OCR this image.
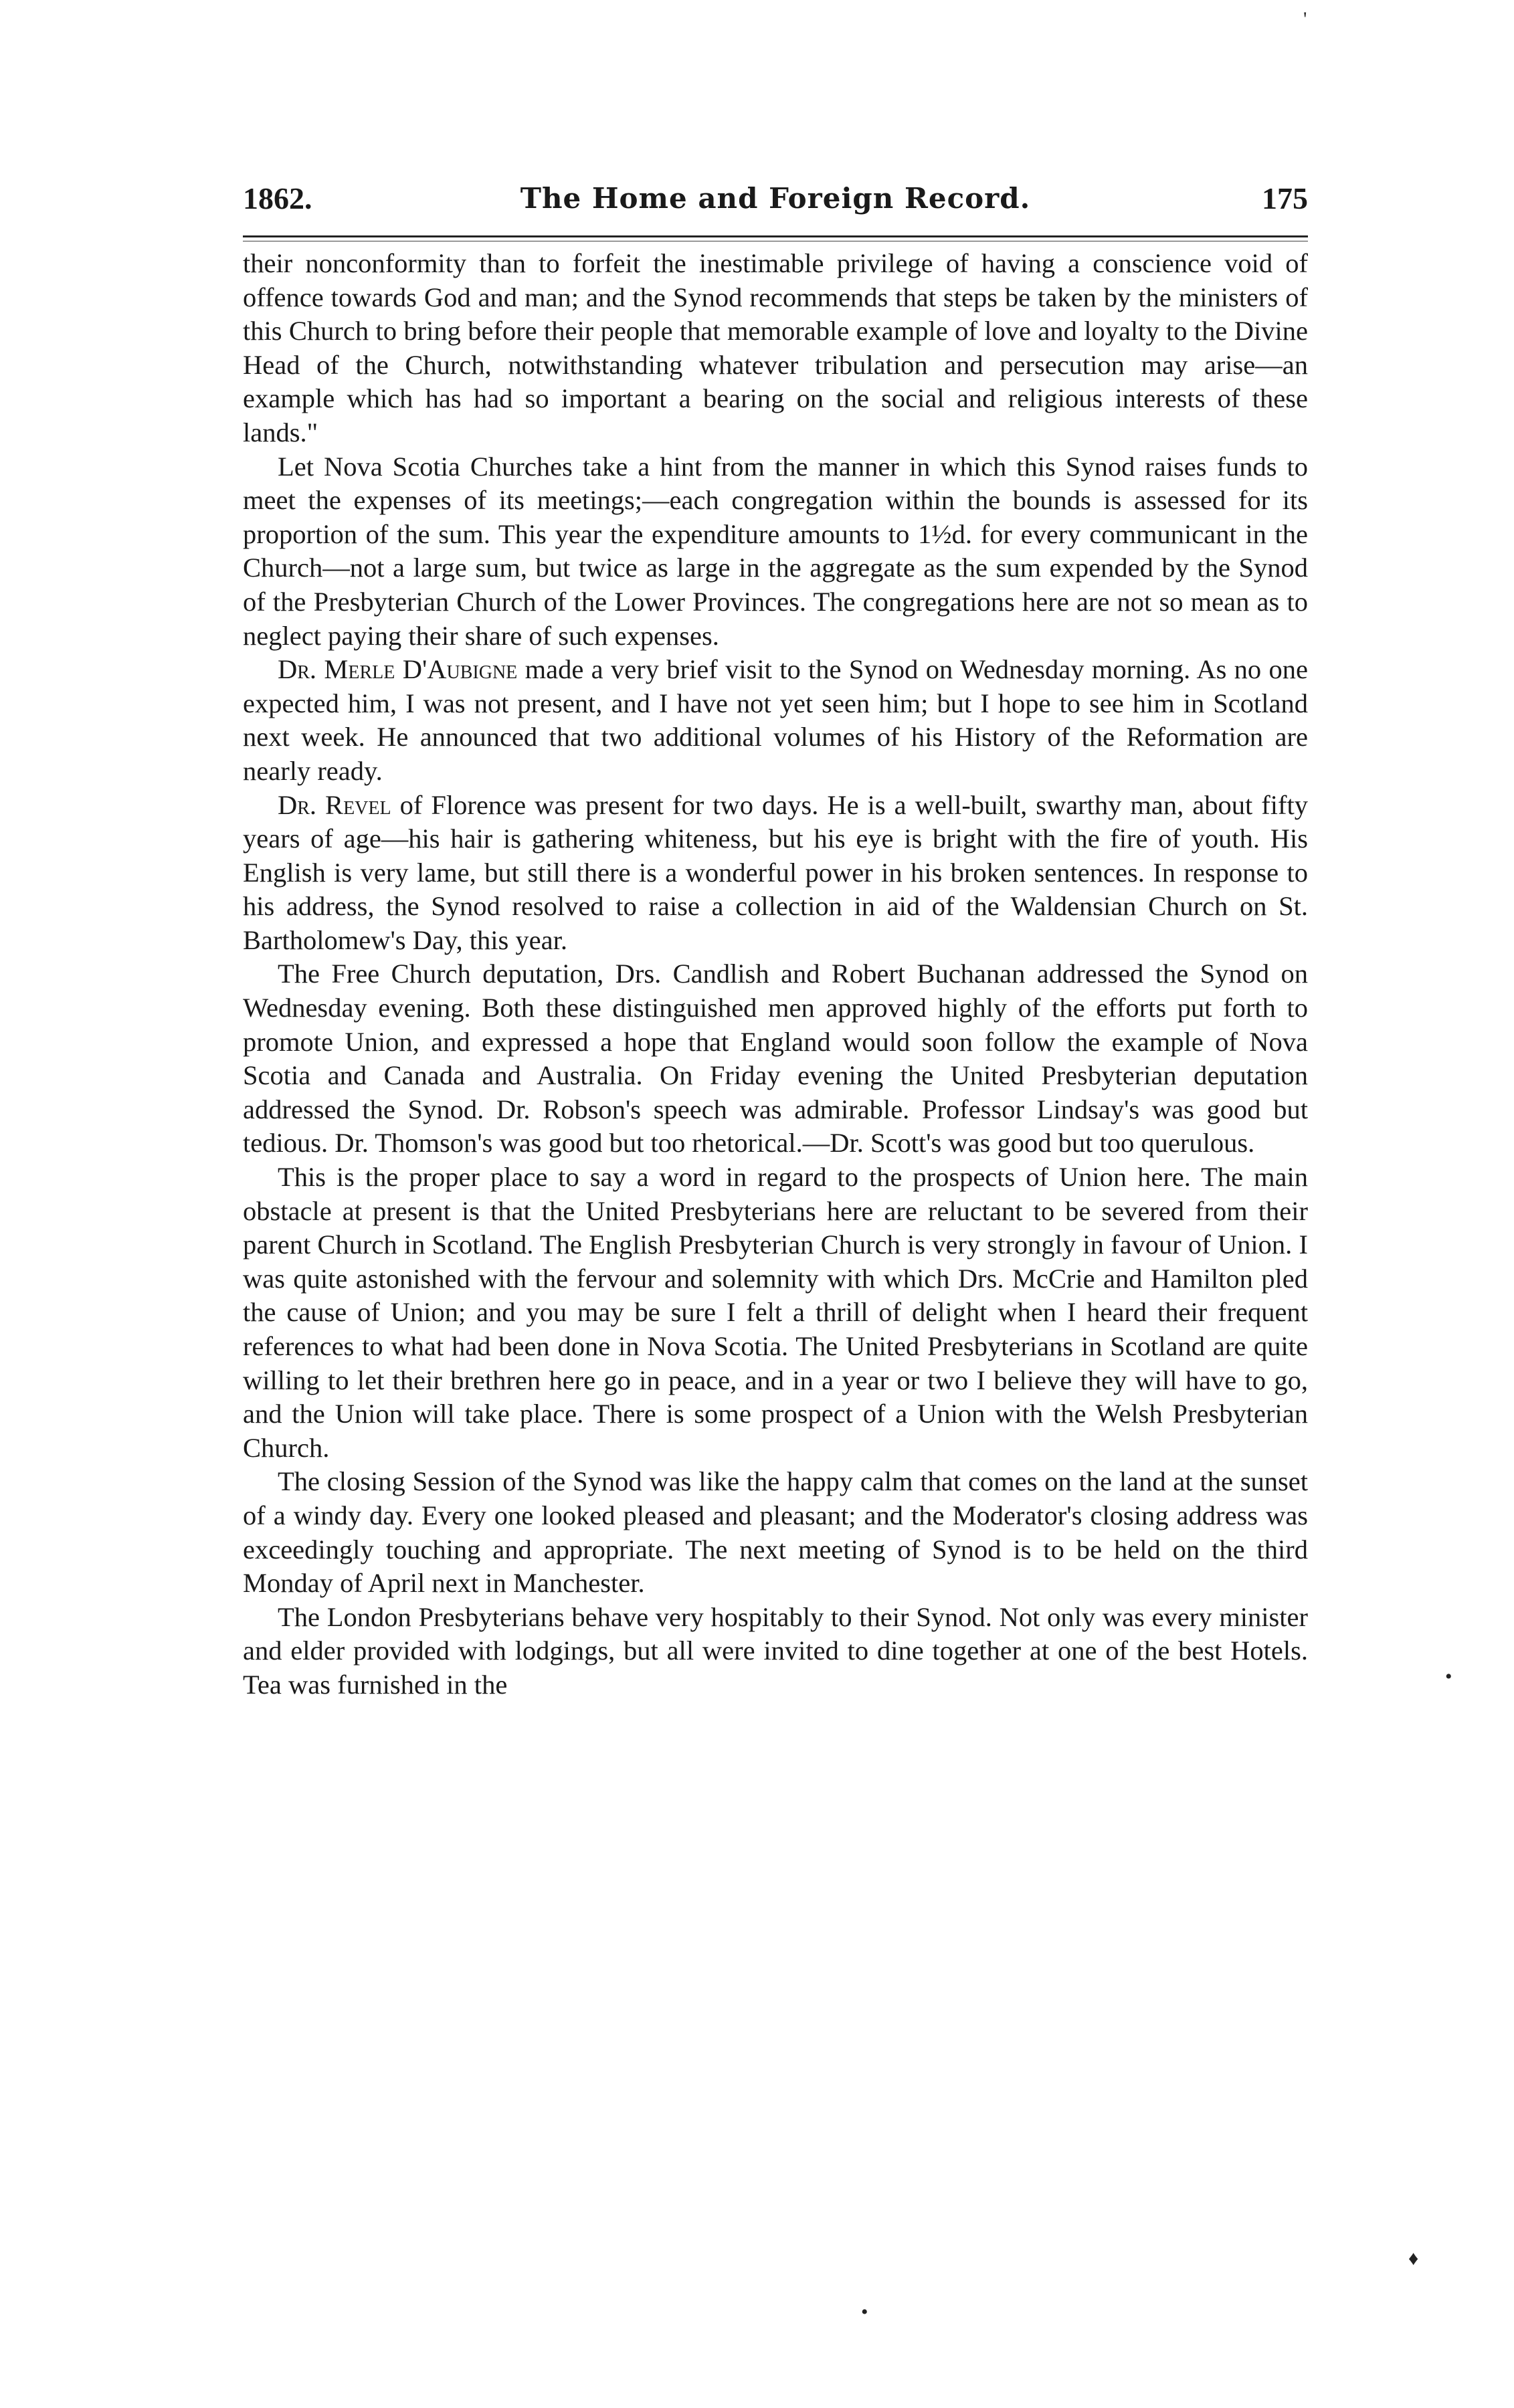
1862.	The Home and Foreign Record.	175

their nonconformity than to forfeit the inestimable privilege of having a conscience void of offence towards God and man; and the Synod recommends that steps be taken by the ministers of this Church to bring before their people that memorable example of love and loyalty to the Divine Head of the Church, notwithstanding whatever tribulation and persecution may arise—an example which has had so important a bearing on the social and religious interests of these lands."

Let Nova Scotia Churches take a hint from the manner in which this Synod raises funds to meet the expenses of its meetings;—each congregation within the bounds is assessed for its proportion of the sum. This year the expenditure amounts to 1½d. for every communicant in the Church—not a large sum, but twice as large in the aggregate as the sum expended by the Synod of the Presbyterian Church of the Lower Provinces. The congregations here are not so mean as to neglect paying their share of such expenses.

Dr. Merle D'Aubigne made a very brief visit to the Synod on Wednesday morning. As no one expected him, I was not present, and I have not yet seen him; but I hope to see him in Scotland next week. He announced that two additional volumes of his History of the Reformation are nearly ready.

Dr. Revel of Florence was present for two days. He is a well-built, swarthy man, about fifty years of age—his hair is gathering whiteness, but his eye is bright with the fire of youth. His English is very lame, but still there is a wonderful power in his broken sentences. In response to his address, the Synod resolved to raise a collection in aid of the Waldensian Church on St. Bartholomew's Day, this year.

The Free Church deputation, Drs. Candlish and Robert Buchanan addressed the Synod on Wednesday evening. Both these distinguished men approved highly of the efforts put forth to promote Union, and expressed a hope that England would soon follow the example of Nova Scotia and Canada and Australia. On Friday evening the United Presbyterian deputation addressed the Synod. Dr. Robson's speech was admirable. Professor Lindsay's was good but tedious. Dr. Thomson's was good but too rhetorical.—Dr. Scott's was good but too querulous.

This is the proper place to say a word in regard to the prospects of Union here. The main obstacle at present is that the United Presbyterians here are reluctant to be severed from their parent Church in Scotland. The English Presbyterian Church is very strongly in favour of Union. I was quite astonished with the fervour and solemnity with which Drs. McCrie and Hamilton pled the cause of Union; and you may be sure I felt a thrill of delight when I heard their frequent references to what had been done in Nova Scotia. The United Presbyterians in Scotland are quite willing to let their brethren here go in peace, and in a year or two I believe they will have to go, and the Union will take place. There is some prospect of a Union with the Welsh Presbyterian Church.

The closing Session of the Synod was like the happy calm that comes on the land at the sunset of a windy day. Every one looked pleased and pleasant; and the Moderator's closing address was exceedingly touching and appropriate. The next meeting of Synod is to be held on the third Monday of April next in Manchester.

The London Presbyterians behave very hospitably to their Synod. Not only was every minister and elder provided with lodgings, but all were invited to dine together at one of the best Hotels. Tea was furnished in the

'
•
♦
•
